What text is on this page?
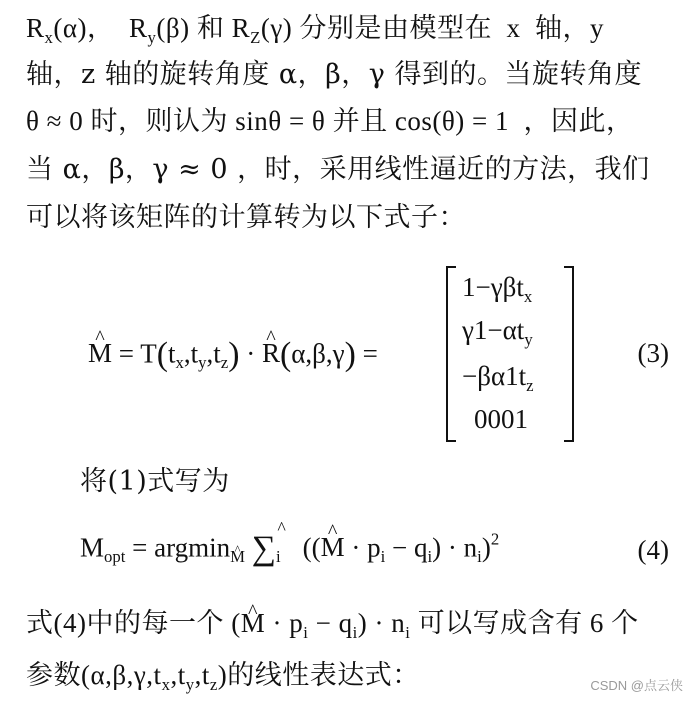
$R_x(\alpha)$，  $R_y(\beta)$ 和 $R_Z(\gamma)$ 分别是由模型在  x  轴，y
轴，z 轴的旋转角度 α，β，γ 得到的。当旋转角度
θ ≈ 0 时，则认为 sinθ = θ 并且 cos(θ) = 1  ，因此，
当 α，β，γ ≈ 0 ，时，采用线性逼近的方法，我们
可以将该矩阵的计算转为以下式子：
^ $M = T(t_x,t_y,t_z)$ · ^ R(α,β,γ) =
1−γβt$_x$
$\gamma 1-\alpha t_y$
$-\beta\alpha 1t_z$
0001
(3)
将(1)式写为
$M_{opt} = argmin_M$ $\sum_i$ ^ ((^ $M \cdot p_i - q_i) \cdot n_i)^2$	(4)
式(4)中的每一个 (^ $M \cdot p_i - q_i) \cdot n_i$ 可以写成含有 6 个
参数$(\alpha,\beta,\gamma,t_x,t_y,t_z)$的线性表达式：	CSDN @点云侠
